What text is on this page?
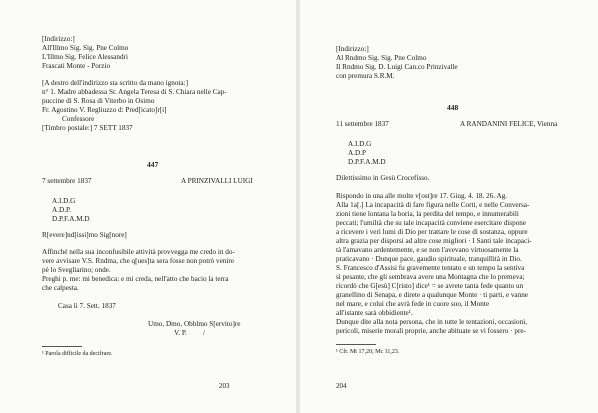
[Indirizzo:]
All'Illmo Sig. Sig. Pne Colmo
L'Illmo Sig. Felice Alessandri
Frascati Monte - Porzio
[A destro dell'indirizzo sta scritto da mano ignota:]
n° 1. Madre abbadessa Sr. Angela Teresa di S. Chiara nelle Cap-
puccine di S. Rosa di Viterbo in Osimo
Fr. Agostino V. Regliuzzo d: Pred[icato]r[i]
Confessore
[Timbro postale:] 7 SETT 1837
447
7 settembre 1837	A PRINZIVALLI LUIGI
A.I.D.G
A.D.P.
D.P.F.A.M.D
R[evere]nd[issi]mo Sig[nore]
Affinché nella sua inconfusibile attività provvegga me credo in do-
vere avvisare V.S. Rndma, che q[ues]ta sera fosse non potrò venire
pè lo Svegliarino; onde.
Preghi p. me: mi benedica: e mi creda, nell'atto che bacio la terra
che calpesta.
Casa li 7. Sett. 1837
Umo, Dmo, Obblmo S[ervito]re
V. P. /
¹ Parola difficile da decifrare.
203
[Indirizzo:]
Al Rndmo Sig. Sig. Pne Colmo
Il Rndmo Sig. D. Luigi Can.co Prinzivalle
con premura S.R.M.
448
11 settembre 1837	A RANDANINI FELICE, Vienna
A.I.D.G
A.D.P
D.P.F.A.M.D
Dilettissimo in Gesù Crocefisso.
Rispondo in una alle molte v[ost]re 17. Giug. 4. 18. 26. Ag.
Alla 1a[.] La incapacità di fare figura nelle Corti, e nelle Conversa-
zioni tiene lontana la boria, la perdita del tempo, e innumerabili
peccati; l'umiltà che su tale incapacità conviene esercitare dispone
a ricevere i veri lumi di Dio per trattare le cose di sostanza, oppure
altra grazia per disporsi ad altre cose migliori · I Santi tale incapaci-
tà l'amavano ardentemente, e se non l'avevano virtuosamente la
praticavano · Dunque pace, gaudio spirituale, tranquillità in Dio.
S. Francesco d'Assisi fu gravemente tentato e un tempo la sentiva
sì pesante, che gli sembrava avere una Montagna che lo premeva;
ricordò che G[esù] C[risto] dice¹ = se avrete tanta fede quanto un
granellino di Senapa, e direte a qualunque Monte · ti parti, e vanne
nel mare, e colui che avrà fede in cuore suo, il Monte
all'istante sarà obbidiente¹.
Dunque dite alla nota persona, che in tutte le tentazioni, occasioni,
pericoli, miserie morali proprie, anche abituate se vi fossero · pre-
¹ Cfr. Mt 17,20; Mc 11,23.
204
